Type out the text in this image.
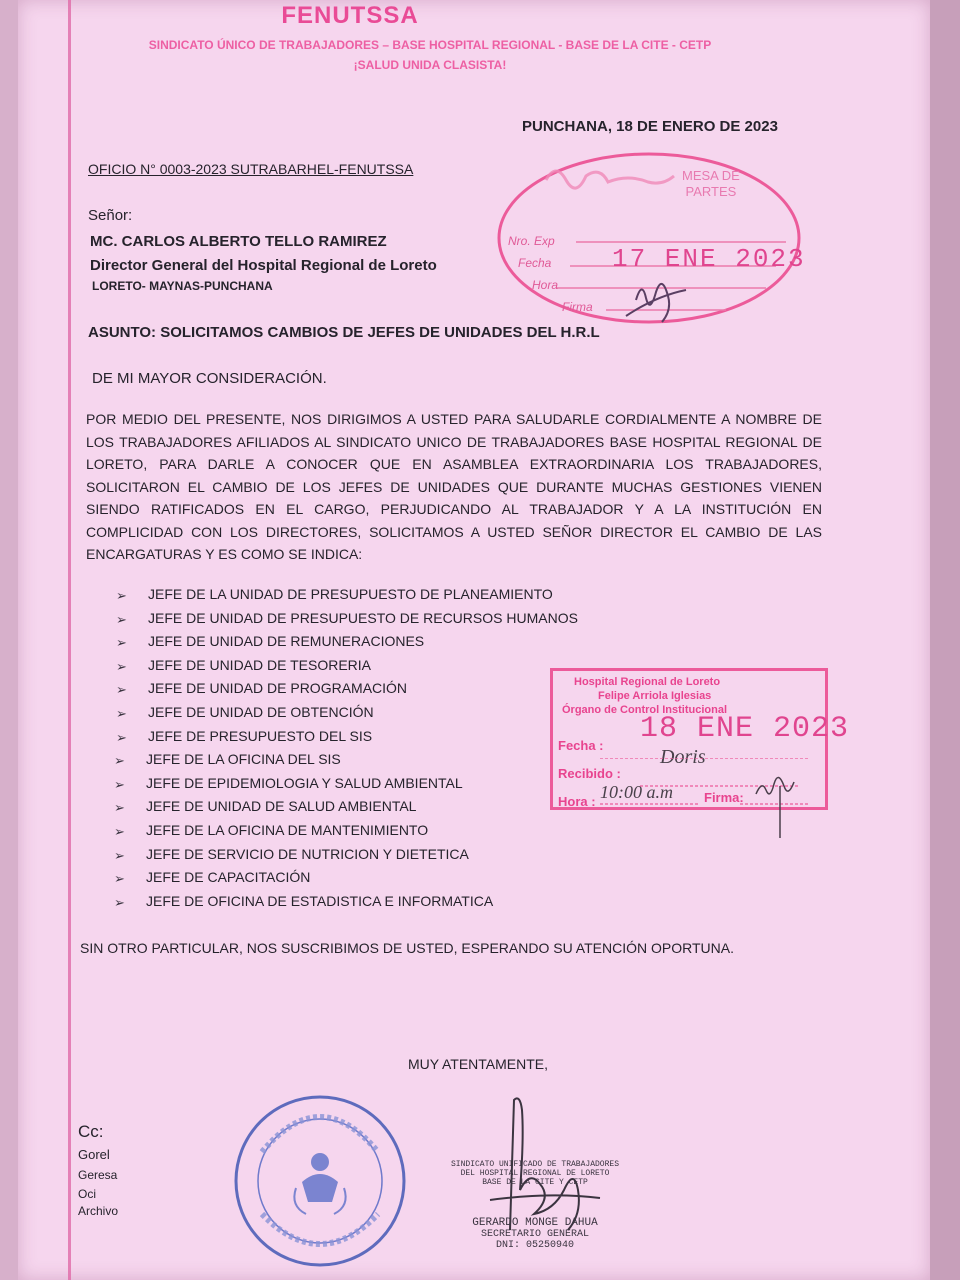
FENUTSSA
SINDICATO ÚNICO DE TRABAJADORES – BASE HOSPITAL REGIONAL - BASE DE LA CITE - CETP
¡SALUD UNIDA CLASISTA!
PUNCHANA, 18 DE ENERO DE 2023
OFICIO N° 0003-2023 SUTRABARHEL-FENUTSSA
Señor:
MC. CARLOS ALBERTO TELLO RAMIREZ
Director General del Hospital Regional de Loreto
LORETO- MAYNAS-PUNCHANA
ASUNTO: SOLICITAMOS CAMBIOS DE JEFES DE UNIDADES DEL H.R.L
DE MI MAYOR CONSIDERACIÓN.
POR MEDIO DEL PRESENTE, NOS DIRIGIMOS A USTED PARA SALUDARLE CORDIALMENTE A NOMBRE DE LOS TRABAJADORES AFILIADOS AL SINDICATO UNICO DE TRABAJADORES BASE HOSPITAL REGIONAL DE LORETO, PARA DARLE A CONOCER QUE EN ASAMBLEA EXTRAORDINARIA LOS TRABAJADORES, SOLICITARON EL CAMBIO DE LOS JEFES DE UNIDADES QUE DURANTE MUCHAS GESTIONES VIENEN SIENDO RATIFICADOS EN EL CARGO, PERJUDICANDO AL TRABAJADOR Y A LA INSTITUCIÓN EN COMPLICIDAD CON LOS DIRECTORES, SOLICITAMOS A USTED SEÑOR DIRECTOR EL CAMBIO DE LAS ENCARGATURAS Y ES COMO SE INDICA:
➢ JEFE DE LA UNIDAD DE PRESUPUESTO DE PLANEAMIENTO
➢ JEFE DE UNIDAD DE PRESUPUESTO DE RECURSOS HUMANOS
➢ JEFE DE UNIDAD DE REMUNERACIONES
➢ JEFE DE UNIDAD DE TESORERIA
➢ JEFE DE UNIDAD DE PROGRAMACIÓN
➢ JEFE DE UNIDAD DE OBTENCIÓN
➢ JEFE DE PRESUPUESTO DEL SIS
➢ JEFE DE LA OFICINA DEL SIS
➢ JEFE DE EPIDEMIOLOGIA Y SALUD AMBIENTAL
➢ JEFE DE UNIDAD DE SALUD AMBIENTAL
➢ JEFE DE LA OFICINA DE MANTENIMIENTO
➢ JEFE DE SERVICIO DE NUTRICION Y DIETETICA
➢ JEFE DE CAPACITACIÓN
➢ JEFE DE OFICINA DE ESTADISTICA E INFORMATICA
SIN OTRO PARTICULAR, NOS SUSCRIBIMOS DE USTED, ESPERANDO SU ATENCIÓN OPORTUNA.
MUY ATENTAMENTE,
Cc:
Gorel
Geresa
Oci
Archivo
MESA DE
PARTES
Nro. Exp
Fecha 17 ENE 2023
Hora
Firma
Hospital Regional de Loreto
Felipe Arriola Iglesias
Órgano de Control Institucional
Fecha : 18 ENE 2023
Recibido :
Doris
Hora : 10:00 a.m Firma:
SINDICATO UNIFICADO DE TRABAJADORES
DEL HOSPITAL REGIONAL DE LORETO
BASE DE LA CITE Y CETP
GERARDO MONGE DAHUA
SECRETARIO GENERAL
DNI: 05250940
